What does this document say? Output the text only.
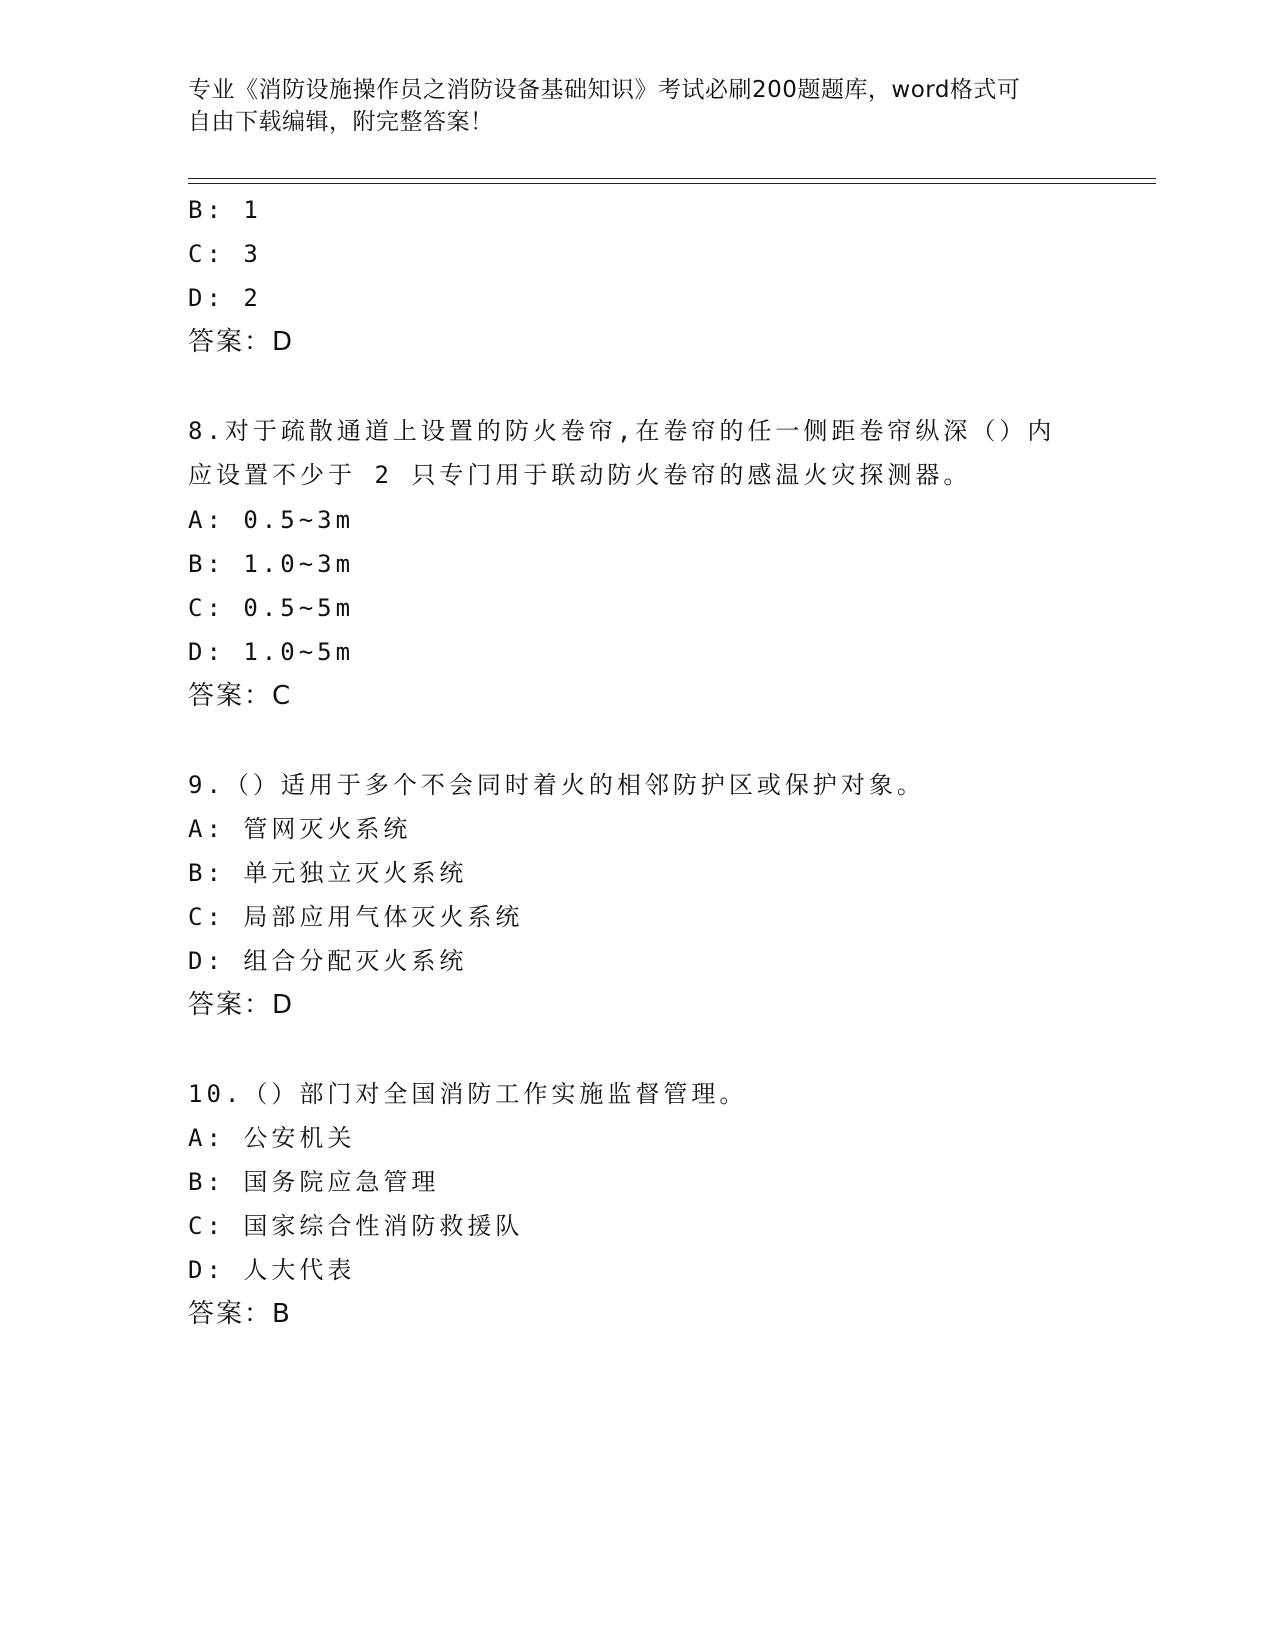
专业《消防设施操作员之消防设备基础知识》考试必刷200题题库，word格式可
自由下载编辑，附完整答案！
B: 1
C: 3
D: 2
答案：D
8.对于疏散通道上设置的防火卷帘,在卷帘的任一侧距卷帘纵深（）内
应设置不少于 2 只专门用于联动防火卷帘的感温火灾探测器。
A: 0.5~3m
B: 1.0~3m
C: 0.5~5m
D: 1.0~5m
答案：C
9.（）适用于多个不会同时着火的相邻防护区或保护对象。
A: 管网灭火系统
B: 单元独立灭火系统
C: 局部应用气体灭火系统
D: 组合分配灭火系统
答案：D
10.（）部门对全国消防工作实施监督管理。
A: 公安机关
B: 国务院应急管理
C: 国家综合性消防救援队
D: 人大代表
答案：B
